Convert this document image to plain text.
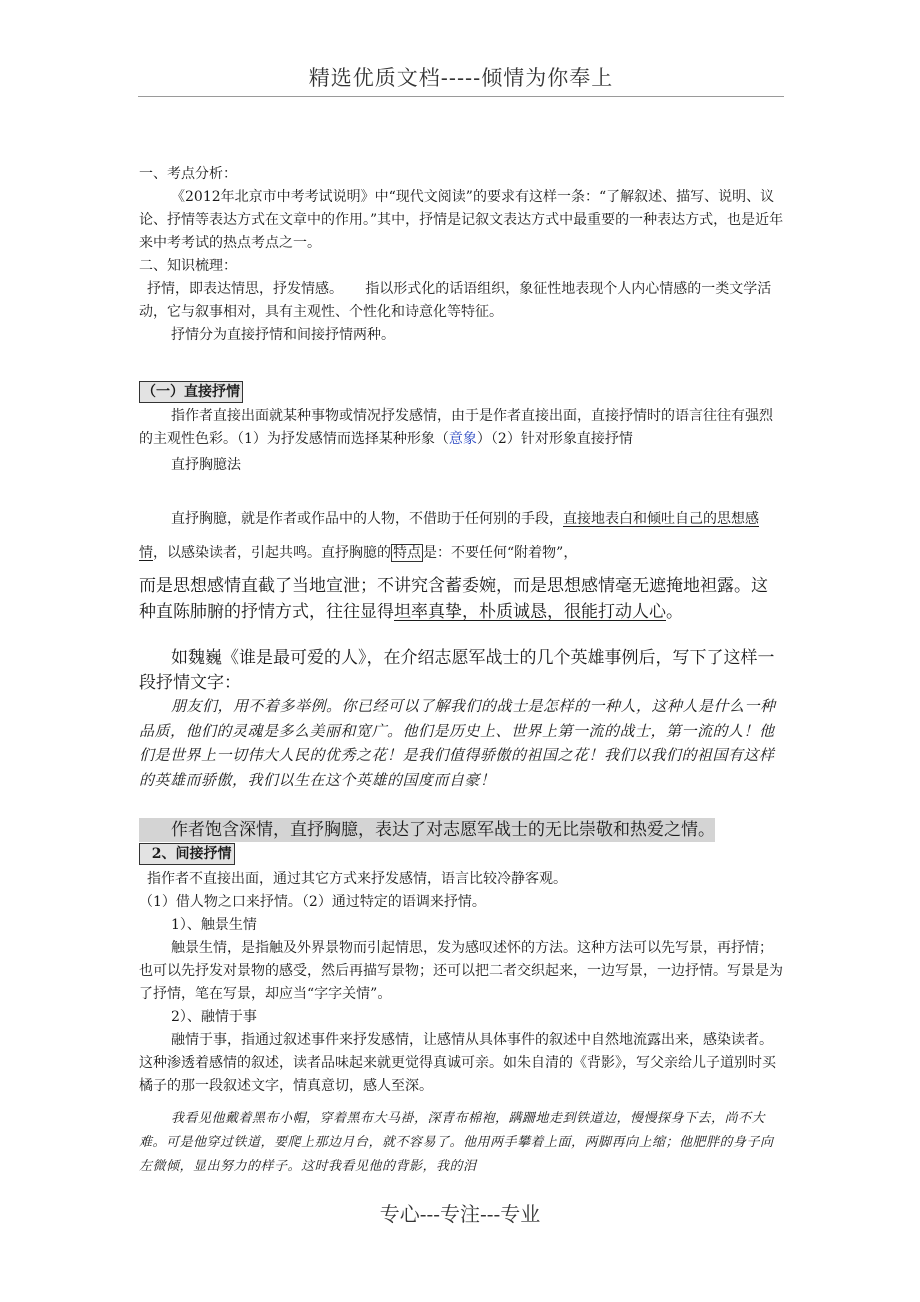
精选优质文档-----倾情为你奉上

一、考点分析：

《2012年北京市中考考试说明》中“现代文阅读”的要求有这样一条：“了解叙述、描写、说明、议论、抒情等表达方式在文章中的作用。”其中，抒情是记叙文表达方式中最重要的一种表达方式，也是近年来中考考试的热点考点之一。

二、知识梳理：

抒情，即表达情思，抒发情感。     指以形式化的话语组织，象征性地表现个人内心情感的一类文学活动，它与叙事相对，具有主观性、个性化和诗意化等特征。

抒情分为直接抒情和间接抒情两种。

（一）直接抒情

指作者直接出面就某种事物或情况抒发感情，由于是作者直接出面，直接抒情时的语言往往有强烈的主观性色彩。（1）为抒发感情而选择某种形象（意象）（2）针对形象直接抒情

直抒胸臆法

直抒胸臆，就是作者或作品中的人物，不借助于任何别的手段，直接地表白和倾吐自己的思想感情，以感染读者，引起共鸣。直抒胸臆的 特点 是：不要任何“附着物”，

而是思想感情直截了当地宣泄；不讲究含蓄委婉，而是思想感情毫无遮掩地袒露。这种直陈肺腑的抒情方式，往往显得坦率真挚，朴质诚恳，很能打动人心。

如魏巍《谁是最可爱的人》，在介绍志愿军战士的几个英雄事例后，写下了这样一段抒情文字：

朋友们，用不着多举例。你已经可以了解我们的战士是怎样的一种人，这种人是什么一种品质，他们的灵魂是多么美丽和宽广。他们是历史上、世界上第一流的战士，第一流的人！他们是世界上一切伟大人民的优秀之花！是我们值得骄傲的祖国之花！我们以我们的祖国有这样的英雄而骄傲，我们以生在这个英雄的国度而自豪！

作者饱含深情，直抒胸臆，表达了对志愿军战士的无比崇敬和热爱之情。
2、间接抒情

指作者不直接出面，通过其它方式来抒发感情，语言比较冷静客观。

（1）借人物之口来抒情。（2）通过特定的语调来抒情。

1）、触景生情

触景生情，是指触及外界景物而引起情思，发为感叹述怀的方法。这种方法可以先写景，再抒情；也可以先抒发对景物的感受，然后再描写景物；还可以把二者交织起来，一边写景，一边抒情。写景是为了抒情，笔在写景，却应当“字字关情”。

2）、融情于事

融情于事，指通过叙述事件来抒发感情，让感情从具体事件的叙述中自然地流露出来，感染读者。这种渗透着感情的叙述，读者品味起来就更觉得真诚可亲。如朱自清的《背影》，写父亲给儿子道别时买橘子的那一段叙述文字，情真意切，感人至深。

我看见他戴着黑布小帽，穿着黑布大马褂，深青布棉袍，蹒跚地走到铁道边，慢慢探身下去，尚不大难。可是他穿过铁道，要爬上那边月台，就不容易了。他用两手攀着上面，两脚再向上缩；他肥胖的身子向左微倾，显出努力的样子。这时我看见他的背影，我的泪

专心---专注---专业
